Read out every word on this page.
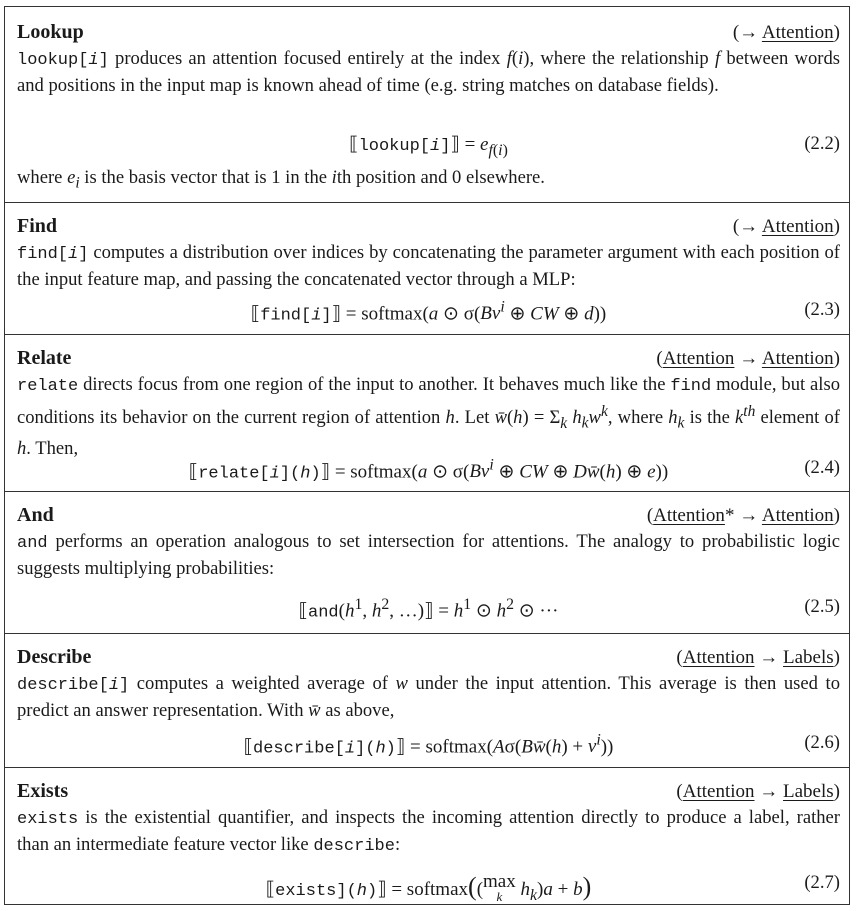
Lookup	(→ Attention)
lookup[i] produces an attention focused entirely at the index f(i), where the relationship f between words and positions in the input map is known ahead of time (e.g. string matches on database fields).
⟦lookup[i]⟧ = $e_{f(i)}$	(2.2)
where $e_i$ is the basis vector that is 1 in the ith position and 0 elsewhere.
Find	(→ Attention)
find[i] computes a distribution over indices by concatenating the parameter argument with each position of the input feature map, and passing the concatenated vector through a MLP:
⟦find[i]⟧ = softmax(a ⊙ σ(Bv$^i$ ⊕ CW ⊕ d))	(2.3)
Relate	(Attention → Attention)
relate directs focus from one region of the input to another. It behaves much like the find module, but also conditions its behavior on the current region of attention h. Let w̄(h) = $\Sigma_k$ $h_kw^k$, where $h_k$ is the $k^{th}$ element of h. Then,
⟦relate[i](h)⟧ = softmax(a ⊙ σ(Bv$^i$ ⊕ CW ⊕ Dw̄(h) ⊕ e))	(2.4)
And	(Attention* → Attention)
and performs an operation analogous to set intersection for attentions. The analogy to probabilistic logic suggests multiplying probabilities:
$⟦and(h^1$, $h^2$, …)⟧ = $h^1$ ⊙ $h^2$ ⊙ ···	(2.5)
Describe	(Attention → Labels)
describe[i] computes a weighted average of w under the input attention. This average is then used to predict an answer representation. With w̄ as above,
⟦describe[i](h)⟧ = softmax(Aσ(Bw̄(h) + $v^i$))	(2.6)
Exists	(Attention → Labels)
exists is the existential quantifier, and inspects the incoming attention directly to produce a label, rather than an intermediate feature vector like describe:
⟦exists](h)⟧ = softmax((max
k $h_k)a + b$)	(2.7)
